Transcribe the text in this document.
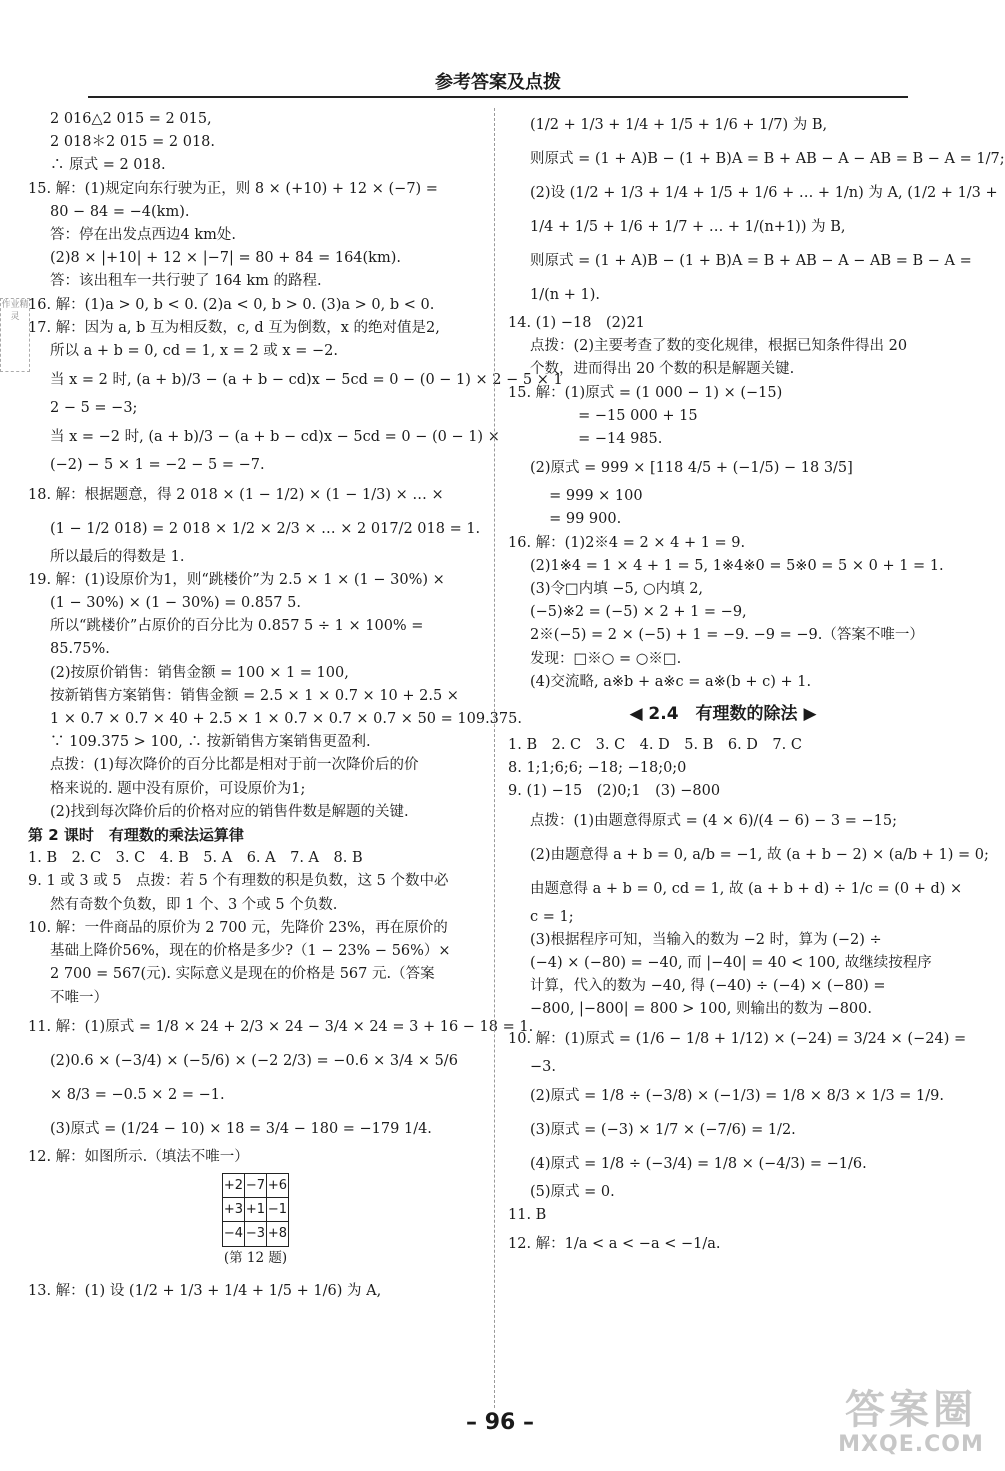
参考答案及点拨
作业精灵
2 016△2 015 = 2 015,
2 018＊2 015 = 2 018.
∴ 原式 = 2 018.
15. 解：(1)规定向东行驶为正，则 8 × (+10) + 12 × (−7) =
80 − 84 = −4(km).
答：停在出发点西边4 km处.
(2)8 × |+10| + 12 × |−7| = 80 + 84 = 164(km).
答：该出租车一共行驶了 164 km 的路程.
16. 解：(1)a > 0, b < 0. (2)a < 0, b > 0. (3)a > 0, b < 0.
17. 解：因为 a, b 互为相反数，c, d 互为倒数，x 的绝对值是2,
所以 a + b = 0, cd = 1, x = 2 或 x = −2.
当 x = 2 时, (a + b)/3 − (a + b − cd)x − 5cd = 0 − (0 − 1) × 2 − 5 × 1
2 − 5 = −3;
当 x = −2 时, (a + b)/3 − (a + b − cd)x − 5cd = 0 − (0 − 1) ×
(−2) − 5 × 1 = −2 − 5 = −7.
18. 解：根据题意，得 2 018 × (1 − 1/2) × (1 − 1/3) × … ×
(1 − 1/2 018) = 2 018 × 1/2 × 2/3 × … × 2 017/2 018 = 1.
所以最后的得数是 1.
19. 解：(1)设原价为1，则“跳楼价”为 2.5 × 1 × (1 − 30%) ×
(1 − 30%) × (1 − 30%) = 0.857 5.
所以“跳楼价”占原价的百分比为 0.857 5 ÷ 1 × 100% =
85.75%.
(2)按原价销售：销售金额 = 100 × 1 = 100,
按新销售方案销售：销售金额 = 2.5 × 1 × 0.7 × 10 + 2.5 ×
1 × 0.7 × 0.7 × 40 + 2.5 × 1 × 0.7 × 0.7 × 0.7 × 50 = 109.375.
∵ 109.375 > 100, ∴ 按新销售方案销售更盈利.
点拨：(1)每次降价的百分比都是相对于前一次降价后的价
格来说的. 题中没有原价，可设原价为1;
(2)找到每次降价后的价格对应的销售件数是解题的关键.
第 2 课时　有理数的乘法运算律
1. B　2. C　3. C　4. B　5. A　6. A　7. A　8. B
9. 1 或 3 或 5　点拨：若 5 个有理数的积是负数，这 5 个数中必
然有奇数个负数，即 1 个、3 个或 5 个负数.
10. 解：一件商品的原价为 2 700 元，先降价 23%，再在原价的
基础上降价56%，现在的价格是多少?（1 − 23% − 56%）×
2 700 = 567(元). 实际意义是现在的价格是 567 元.（答案
不唯一）
11. 解：(1)原式 = 1/8 × 24 + 2/3 × 24 − 3/4 × 24 = 3 + 16 − 18 = 1.
(2)0.6 × (−3/4) × (−5/6) × (−2 2/3) = −0.6 × 3/4 × 5/6
× 8/3 = −0.5 × 2 = −1.
(3)原式 = (1/24 − 10) × 18 = 3/4 − 180 = −179 1/4.
12. 解：如图所示.（填法不唯一）
+2	−7	+6
+3	+1	−1
−4	−3	+8
(第 12 题)
13. 解：(1) 设 (1/2 + 1/3 + 1/4 + 1/5 + 1/6) 为 A,
(1/2 + 1/3 + 1/4 + 1/5 + 1/6 + 1/7) 为 B,
则原式 = (1 + A)B − (1 + B)A = B + AB − A − AB = B − A = 1/7;
(2)设 (1/2 + 1/3 + 1/4 + 1/5 + 1/6 + … + 1/n) 为 A, (1/2 + 1/3 +
1/4 + 1/5 + 1/6 + 1/7 + … + 1/(n+1)) 为 B,
则原式 = (1 + A)B − (1 + B)A = B + AB − A − AB = B − A =
1/(n + 1).
14. (1) −18　(2)21
点拨：(2)主要考查了数的变化规律，根据已知条件得出 20
个数，进而得出 20 个数的积是解题关键.
15. 解：(1)原式 = (1 000 − 1) × (−15)
　　　 = −15 000 + 15
　　　 = −14 985.
(2)原式 = 999 × [118 4/5 + (−1/5) − 18 3/5]
　 = 999 × 100
　 = 99 900.
16. 解：(1)2※4 = 2 × 4 + 1 = 9.
(2)1※4 = 1 × 4 + 1 = 5, 1※4※0 = 5※0 = 5 × 0 + 1 = 1.
(3)令□内填 −5, ○内填 2,
(−5)※2 = (−5) × 2 + 1 = −9,
2※(−5) = 2 × (−5) + 1 = −9. −9 = −9.（答案不唯一）
发现：□※○ = ○※□.
(4)交流略, a※b + a※c = a※(b + c) + 1.
◀ 2.4　有理数的除法 ▶
1. B　2. C　3. C　4. D　5. B　6. D　7. C
8. 1;1;6;6; −18; −18;0;0
9. (1) −15　(2)0;1　(3) −800
点拨：(1)由题意得原式 = (4 × 6)/(4 − 6) − 3 = −15;
(2)由题意得 a + b = 0, a/b = −1, 故 (a + b − 2) × (a/b + 1) = 0;
由题意得 a + b = 0, cd = 1, 故 (a + b + d) ÷ 1/c = (0 + d) ×
c = 1;
(3)根据程序可知，当输入的数为 −2 时，算为 (−2) ÷
(−4) × (−80) = −40, 而 |−40| = 40 < 100, 故继续按程序
计算，代入的数为 −40, 得 (−40) ÷ (−4) × (−80) =
−800, |−800| = 800 > 100, 则输出的数为 −800.
10. 解：(1)原式 = (1/6 − 1/8 + 1/12) × (−24) = 3/24 × (−24) =
−3.
(2)原式 = 1/8 ÷ (−3/8) × (−1/3) = 1/8 × 8/3 × 1/3 = 1/9.
(3)原式 = (−3) × 1/7 × (−7/6) = 1/2.
(4)原式 = 1/8 ÷ (−3/4) = 1/8 × (−4/3) = −1/6.
(5)原式 = 0.
11. B
12. 解：1/a < a < −a < −1/a.
– 96 –	答案圈
MXQE.COM
